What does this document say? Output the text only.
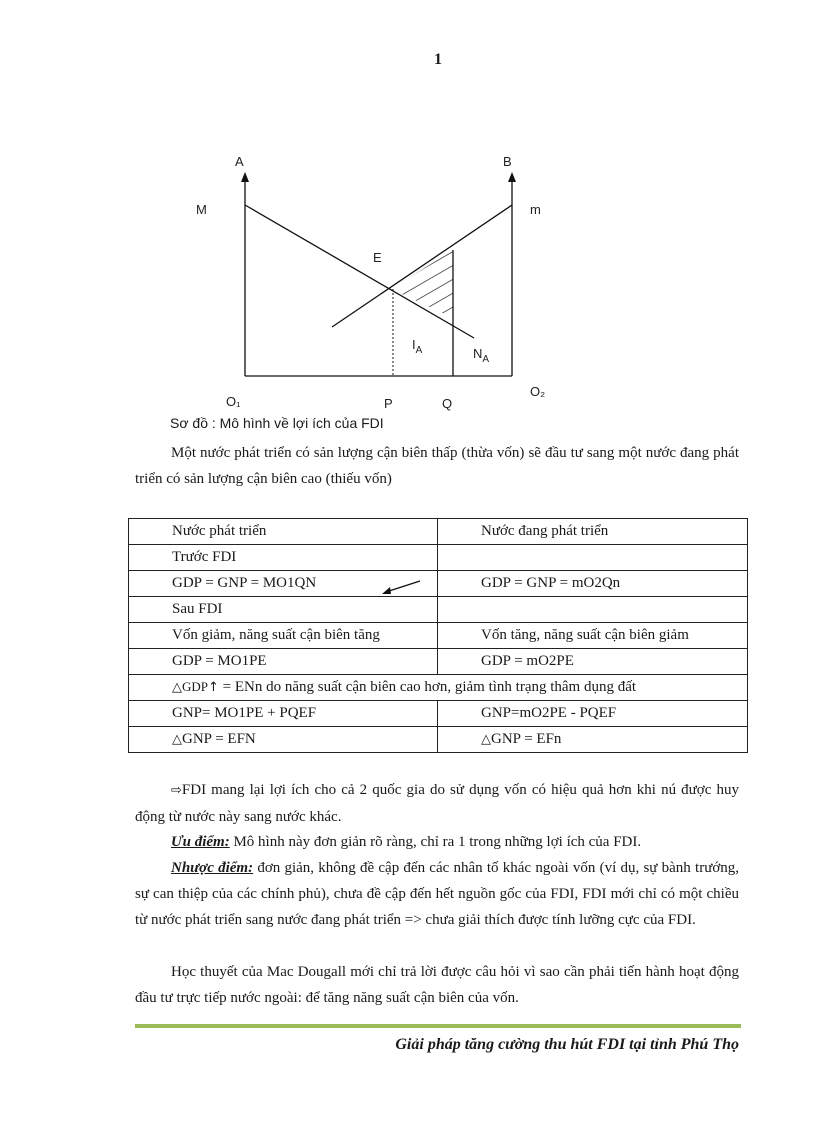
1
A	B
M	m
E
$I_A$	$N_A$
O₁
O₂
P	Q
Sơ đồ : Mô hình về lợi ích của FDI
Một nước phát triển có sản lượng cận biên thấp (thừa vốn) sẽ đầu tư sang một nước đang phát triển có sản lượng cận biên cao (thiếu vốn)
Nước phát triển	Nước đang phát triển
Trước FDI	
GDP = GNP = MO1QN	GDP = GNP = mO2Qn
Sau FDI	
Vốn giảm, năng suất cận biên tăng	Vốn tăng, năng suất cận biên giảm
GDP = MO1PE	GDP = mO2PE
△GDP↑ = ENn do năng suất cận biên cao hơn, giảm tình trạng thâm dụng đất	
GNP= MO1PE + PQEF	GNP=mO2PE - PQEF
△GNP = EFN	△GNP = EFn
⇨FDI mang lại lợi ích cho cả 2 quốc gia do sử dụng vốn có hiệu quả hơn khi nú được huy động từ nước này sang nước khác.
Ưu điểm: Mô hình này đơn giản rõ ràng, chỉ ra 1 trong những lợi ích của FDI.
Nhược điểm: đơn giản, không đề cập đến các nhân tố khác ngoài vốn (ví dụ, sự bành trướng, sự can thiệp của các chính phủ), chưa đề cập đến hết nguồn gốc của FDI, FDI mới chỉ có một chiều từ nước phát triển sang nước đang phát triển => chưa giải thích được tính lưỡng cực của FDI.
Học thuyết của Mac Dougall mới chỉ trả lời được câu hỏi vì sao cần phải tiến hành hoạt động đầu tư trực tiếp nước ngoài: để tăng năng suất cận biên của vốn.
Giải pháp tăng cường thu hút FDI tại tỉnh Phú Thọ
